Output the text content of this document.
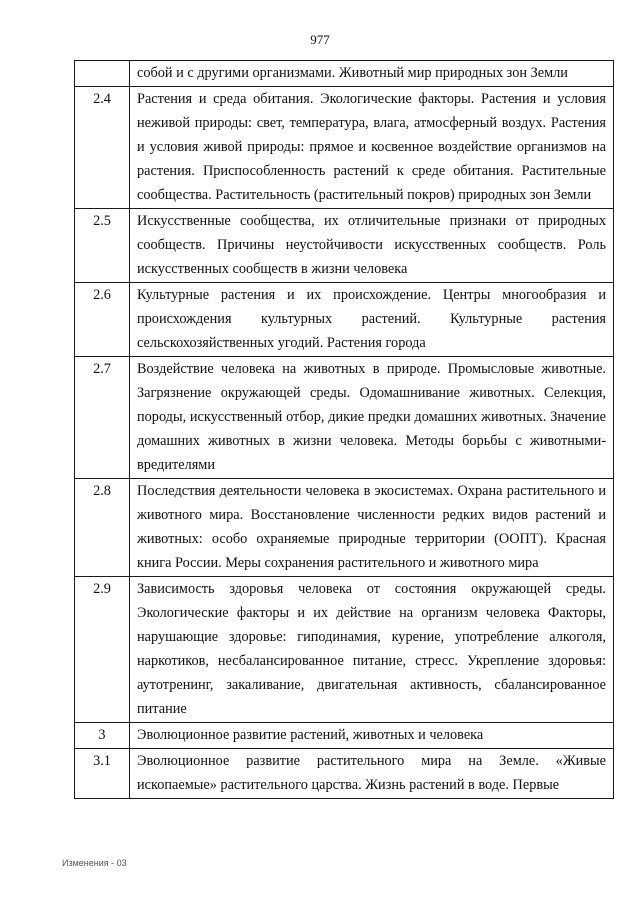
977
	собой и с другими организмами. Животный мир природных зон Земли
2.4	Растения и среда обитания. Экологические факторы. Растения и условия неживой природы: свет, температура, влага, атмосферный воздух. Растения и условия живой природы: прямое и косвенное воздействие организмов на растения. Приспособленность растений к среде обитания. Растительные сообщества. Растительность (растительный покров) природных зон Земли
2.5	Искусственные сообщества, их отличительные признаки от природных сообществ. Причины неустойчивости искусственных сообществ. Роль искусственных сообществ в жизни человека
2.6	Культурные растения и их происхождение. Центры многообразия и происхождения культурных растений. Культурные растения сельскохозяйственных угодий. Растения города
2.7	Воздействие человека на животных в природе. Промысловые животные. Загрязнение окружающей среды. Одомашнивание животных. Селекция, породы, искусственный отбор, дикие предки домашних животных. Значение домашних животных в жизни человека. Методы борьбы с животными-вредителями
2.8	Последствия деятельности человека в экосистемах. Охрана растительного и животного мира. Восстановление численности редких видов растений и животных: особо охраняемые природные территории (ООПТ). Красная книга России. Меры сохранения растительного и животного мира
2.9	Зависимость здоровья человека от состояния окружающей среды. Экологические факторы и их действие на организм человека Факторы, нарушающие здоровье: гиподинамия, курение, употребление алкоголя, наркотиков, несбалансированное питание, стресс. Укрепление здоровья: аутотренинг, закаливание, двигательная активность, сбалансированное питание
3	Эволюционное развитие растений, животных и человека
3.1	Эволюционное развитие растительного мира на Земле. «Живые ископаемые» растительного царства. Жизнь растений в воде. Первые
Изменения - 03
